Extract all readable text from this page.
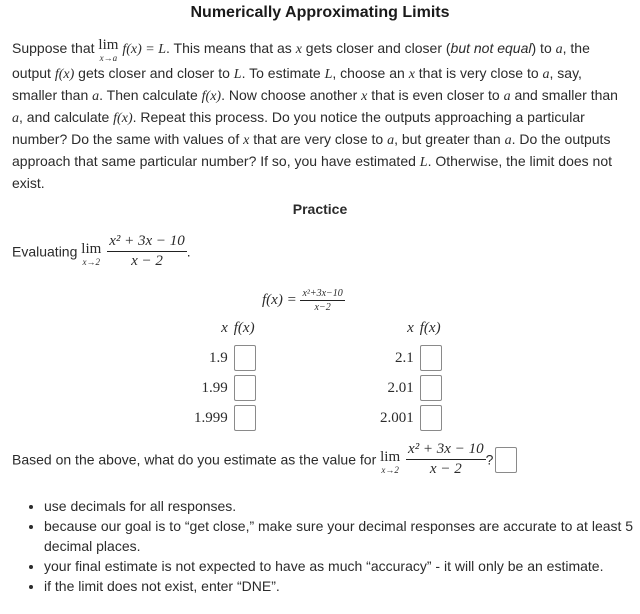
Numerically Approximating Limits
Suppose that lim
x→a
f(x) = L. This means that as x gets closer and closer (but not equal) to a, the output f(x) gets closer and closer to L. To estimate L, choose an x that is very close to a, say, smaller than a. Then calculate f(x). Now choose another x that is even closer to a and smaller than a, and calculate f(x). Repeat this process. Do you notice the outputs approaching a particular number? Do the same with values of x that are very close to a, but greater than a. Do the outputs approach that same particular number? If so, you have estimated L. Otherwise, the limit does not exist.
Practice
Evaluating lim
x→2
$\frac{\text{x² + 3x − 10}}{x - 2}$ .
$f(x) = \frac{\text{x²+3x−10}}{x-2}$
x	f(x)
1.9	
1.99	
1.999	
x	f(x)
2.1	
2.01	
2.001	
Based on the above, what do you estimate as the value for lim
x→2
$\frac{\text{x² + 3x − 10}}{x - 2}$ ?
• use decimals for all responses.
• because our goal is to “get close,” make sure your decimal responses are accurate to at least 5 decimal places.
• your final estimate is not expected to have as much “accuracy” - it will only be an estimate.
• if the limit does not exist, enter “DNE”.
